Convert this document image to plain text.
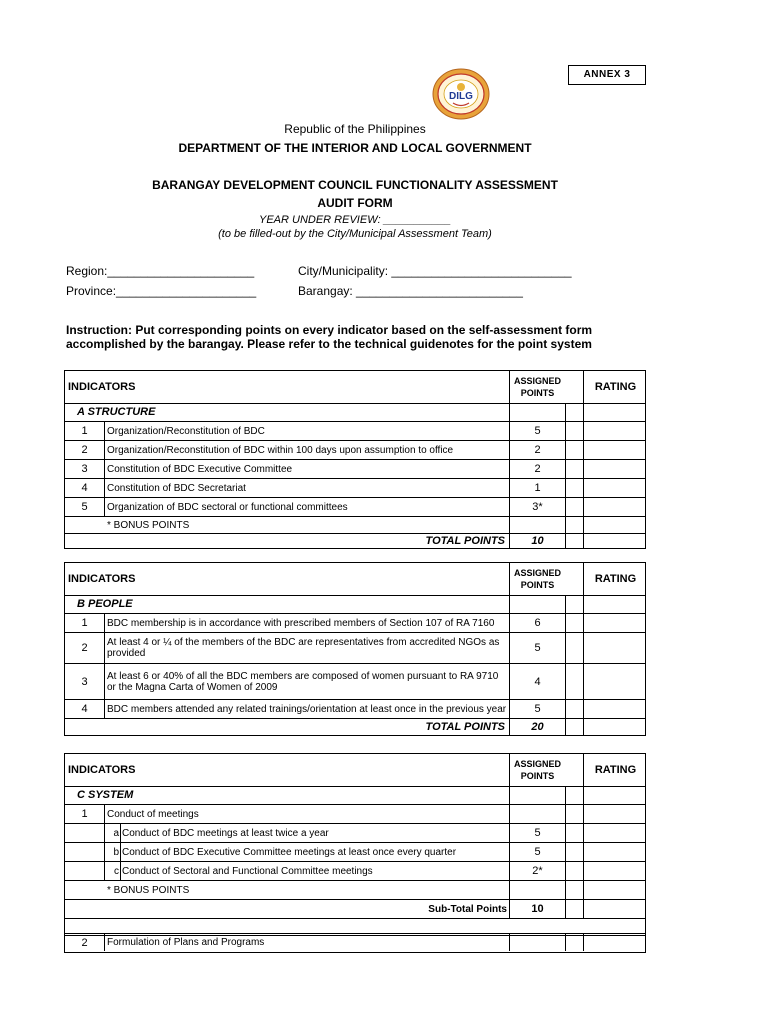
ANNEX 3
DILG
Republic of the Philippines
DEPARTMENT OF THE INTERIOR AND LOCAL GOVERNMENT
BARANGAY DEVELOPMENT COUNCIL FUNCTIONALITY ASSESSMENT
AUDIT FORM
YEAR UNDER REVIEW: ___________
(to be filled-out by the City/Municipal Assessment Team)
Region:______________________
Province:_____________________
City/Municipality: ___________________________
Barangay: _________________________
Instruction: Put corresponding points on every indicator based on the self-assessment form accomplished by the barangay. Please refer to the technical guidenotes for the point system
INDICATORS	ASSIGNED POINTS	RATING
A STRUCTURE
1	Organization/Reconstitution of BDC	5
2	Organization/Reconstitution of BDC within 100 days upon assumption to office	2
3	Constitution of BDC Executive Committee	2
4	Constitution of BDC Secretariat	1
5	Organization of BDC sectoral or functional committees	3*
* BONUS POINTS
TOTAL POINTS	10
INDICATORS	ASSIGNED POINTS	RATING
B PEOPLE
1	BDC membership is in accordance with prescribed members of Section 107 of RA 7160	6
2	At least 4 or ¼ of the members of the BDC are representatives from accredited NGOs as provided	5
3	At least 6 or 40% of all the BDC members are composed of women pursuant to RA 9710 or the Magna Carta of Women of 2009	4
4	BDC members attended any related trainings/orientation at least once in the previous year	5
TOTAL POINTS	20
INDICATORS	ASSIGNED POINTS	RATING
C SYSTEM
1	Conduct of meetings
a Conduct of BDC meetings at least twice a year	5
b Conduct of BDC Executive Committee meetings at least once every quarter	5
c Conduct of Sectoral and Functional Committee meetings	2*
* BONUS POINTS
Sub-Total Points	10
2	Formulation of Plans and Programs
